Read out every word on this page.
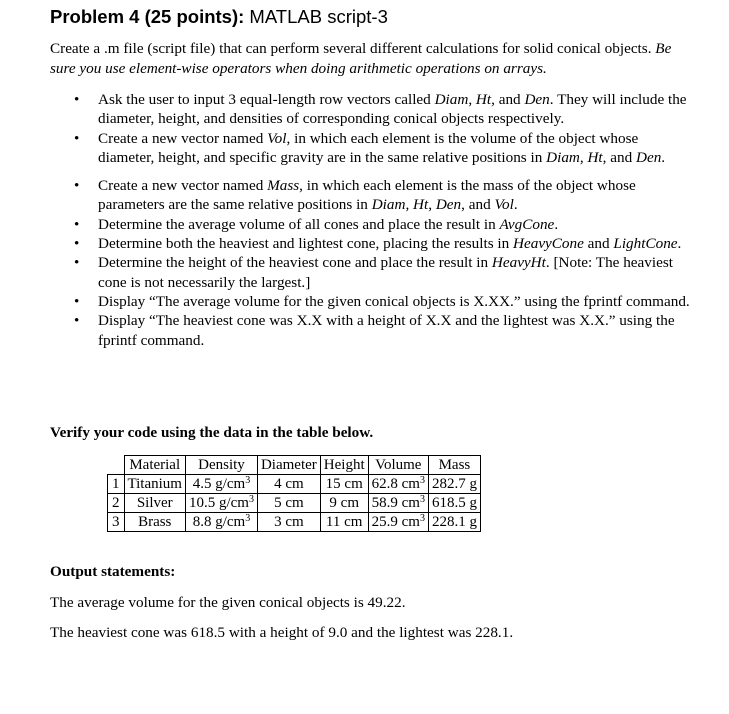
Problem 4 (25 points): MATLAB script-3
Create a .m file (script file) that can perform several different calculations for solid conical objects. Be sure you use element-wise operators when doing arithmetic operations on arrays.
• Ask the user to input 3 equal-length row vectors called Diam, Ht, and Den. They will include the diameter, height, and densities of corresponding conical objects respectively.
• Create a new vector named Vol, in which each element is the volume of the object whose diameter, height, and specific gravity are in the same relative positions in Diam, Ht, and Den.
• Create a new vector named Mass, in which each element is the mass of the object whose parameters are the same relative positions in Diam, Ht, Den, and Vol.
• Determine the average volume of all cones and place the result in AvgCone.
• Determine both the heaviest and lightest cone, placing the results in HeavyCone and LightCone.
• Determine the height of the heaviest cone and place the result in HeavyHt. [Note: The heaviest cone is not necessarily the largest.]
• Display “The average volume for the given conical objects is X.XX.” using the fprintf command.
• Display “The heaviest cone was X.X with a height of X.X and the lightest was X.X.” using the fprintf command.
Verify your code using the data in the table below.
	Material	Density	Diameter	Height	Volume	Mass
1	Titanium	4.5 $g/cm^3$	4 cm	15 cm	62.8 $cm^3$	282.7 g
2	Silver	10.5 $g/cm^3$	5 cm	9 cm	58.9 $cm^3$	618.5 g
3	Brass	8.8 $g/cm^3$	3 cm	11 cm	25.9 $cm^3$	228.1 g
Output statements:
The average volume for the given conical objects is 49.22.
The heaviest cone was 618.5 with a height of 9.0 and the lightest was 228.1.
